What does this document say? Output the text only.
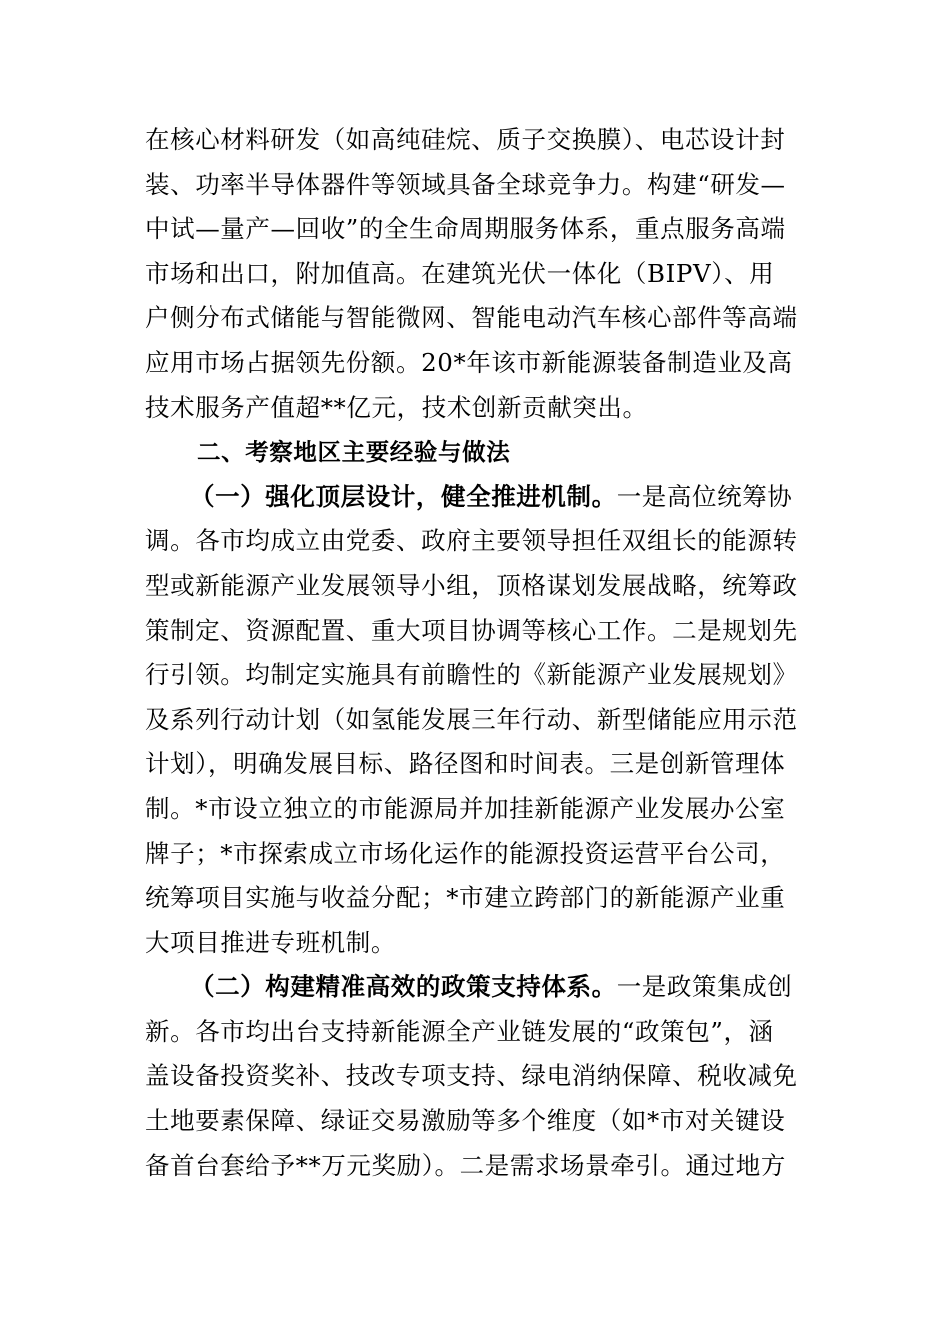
在核心材料研发（如高纯硅烷、质子交换膜）、电芯设计封
装、功率半导体器件等领域具备全球竞争力。构建“研发—
中试—量产—回收”的全生命周期服务体系，重点服务高端
市场和出口，附加值高。在建筑光伏一体化（BIPV）、用
户侧分布式储能与智能微网、智能电动汽车核心部件等高端
应用市场占据领先份额。20*年该市新能源装备制造业及高
技术服务产值超**亿元，技术创新贡献突出。
二、考察地区主要经验与做法
（一）强化顶层设计，健全推进机制。一是高位统筹协
调。各市均成立由党委、政府主要领导担任双组长的能源转
型或新能源产业发展领导小组，顶格谋划发展战略，统筹政
策制定、资源配置、重大项目协调等核心工作。二是规划先
行引领。均制定实施具有前瞻性的《新能源产业发展规划》
及系列行动计划（如氢能发展三年行动、新型储能应用示范
计划），明确发展目标、路径图和时间表。三是创新管理体
制。*市设立独立的市能源局并加挂新能源产业发展办公室
牌子；*市探索成立市场化运作的能源投资运营平台公司，
统筹项目实施与收益分配；*市建立跨部门的新能源产业重
大项目推进专班机制。
（二）构建精准高效的政策支持体系。一是政策集成创
新。各市均出台支持新能源全产业链发展的“政策包”，涵
盖设备投资奖补、技改专项支持、绿电消纳保障、税收减免
土地要素保障、绿证交易激励等多个维度（如*市对关键设
备首台套给予**万元奖励）。二是需求场景牵引。通过地方
